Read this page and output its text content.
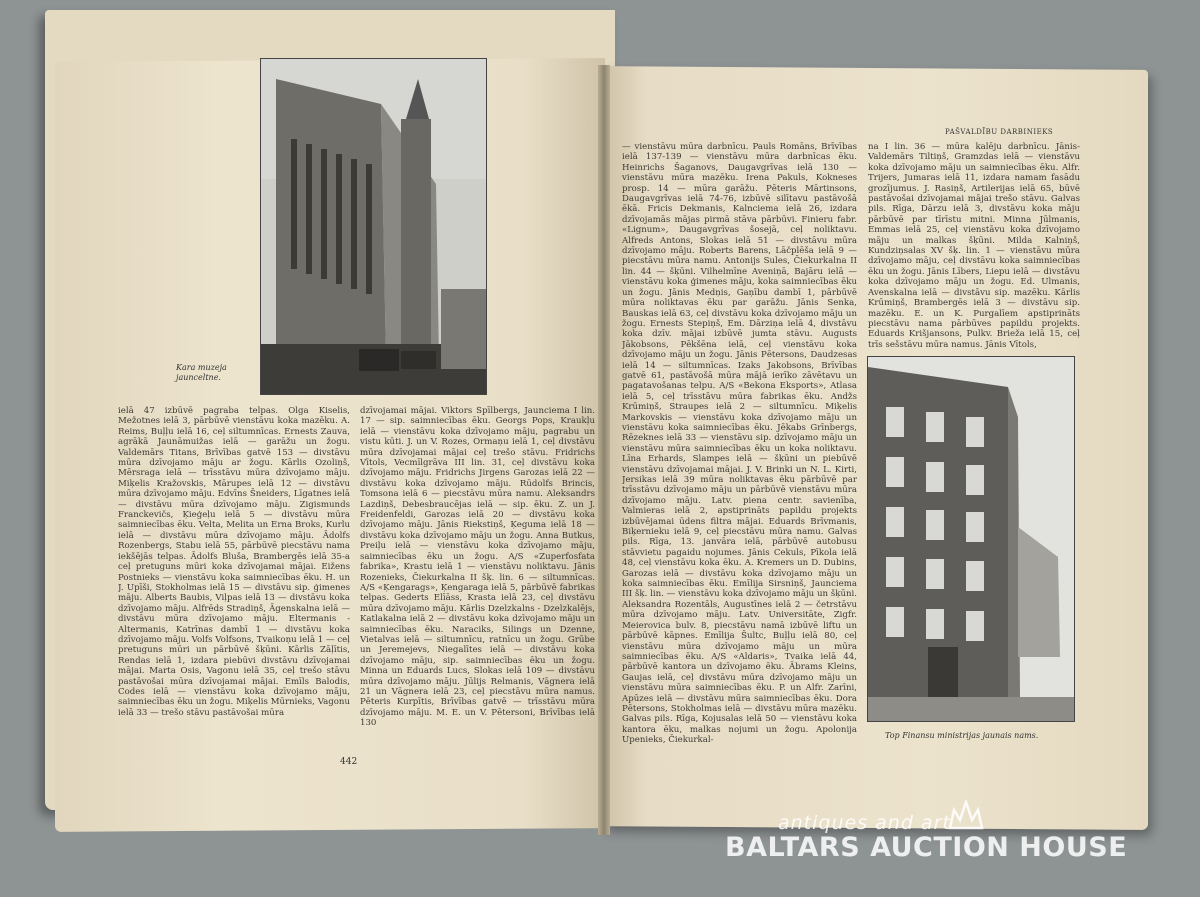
Kara muzeja
jaunceltne.

ielā 47 izbūvē pagraba telpas. Olga Kiselis, Mežotnes ielā 3, pārbūvē vienstāvu koka mazēku. A. Reims, Buļļu ielā 16, ceļ siltumnīcas. Ernests Zauva, agrākā Jaunāmuižas ielā — garāžu un žogu. Valdemārs Titans, Brīvības gatvē 153 — divstāvu mūra dzīvojamo māju ar žogu. Kārlis Ozoliņš, Mērsraga ielā — trīsstāvu mūra dzīvojamo māju. Miķelis Kražovskis, Mārupes ielā 12 — divstāvu mūra dzīvojamo māju. Edvīns Šneiders, Līgatnes ielā — divstāvu mūra dzīvojamo māju. Zigismunds Franckevičs, Ķieģeļu ielā 5 — divstāvu mūra saimniecības ēku. Velta, Melita un Erna Broks, Kurlu ielā — divstāvu mūra dzīvojamo māju. Ādolfs Rozenbergs, Stabu ielā 55, pārbūvē piecstāvu nama iekšējās telpas. Ādolfs Bluša, Brambergēs ielā 35-a ceļ pretuguns mūri koka dzīvojamai mājai. Eižens Postnieks — vienstāvu koka saimniecības ēku. H. un J. Upīši, Stokholmas ielā 15 — divstāvu sip. ģimenes māju. Alberts Baubis, Viļpas ielā 13 — divstāvu koka dzīvojamo māju. Alfrēds Stradiņš, Āgenskalna ielā — divstāvu mūra dzīvojamo māju. Eltermanis - Altermanis, Katrīnas dambī 1 — divstāvu koka dzīvojamo māju. Volfs Volfsons, Tvaikoņu ielā 1 — ceļ pretuguns mūri un pārbūvē šķūni. Kārlis Zāļītis, Rendas ielā 1, izdara piebūvi divstāvu dzīvojamai mājai. Marta Osis, Vagonu ielā 35, ceļ trešo stāvu pastāvošai mūra dzīvojamai mājai. Emīls Balodis, Codes ielā — vienstāvu koka dzīvojamo māju, saimniecības ēku un žogu. Miķelis Mūrnieks, Vagonu ielā 33 — trešo stāvu pastāvošai mūra

dzīvojamai mājai. Viktors Špīlbergs, Jaunciema I lin. 17 — sip. saimniecības ēku. Georgs Pops, Kraukļu ielā — vienstāvu koka dzīvojamo māju, pagrabu un vistu kūti. J. un V. Rozes, Ormaņu ielā 1, ceļ divstāvu mūra dzīvojamai mājai ceļ trešo stāvu. Fridrichs Vītols, Vecmīlgrāva III lin. 31, ceļ divstāvu koka dzīvojamo māju. Fridrichs Jirgens Garozas ielā 22 — divstāvu koka dzīvojamo māju. Rūdolfs Brincis, Tomsona ielā 6 — piecstāvu mūra namu. Aleksandrs Lazdiņš, Debesbraucējas ielā — sip. ēku. Z. un J. Freidenfeldi, Garozas ielā 20 — divstāvu koka dzīvojamo māju. Jānis Riekstiņš, Ķeguma ielā 18 — divstāvu koka dzīvojamo māju un žogu. Anna Butkus, Preiļu ielā — vienstāvu koka dzīvojamo māju, saimniecības ēku un žogu. A/S «Zuperfosfata fabrika», Krastu ielā 1 — vienstāvu noliktavu. Jānis Rozenieks, Čiekurkalna II šķ. lin. 6 — siltumnīcas. A/S «Ķengarags», Ķengaraga ielā 5, pārbūvē fabrikas telpas. Gederts Elīāss, Krasta ielā 23, ceļ divstāvu mūra dzīvojamo māju. Kārlis Dzelzkalns - Dzelzkalējs, Katlakalna ielā 2 — divstāvu koka dzīvojamo māju un saimniecības ēku. Naraciks, Silings un Dzenne, Vietalvas ielā — siltumnīcu, ratnīcu un žogu. Grūbe un Jeremejevs, Niegalītes ielā — divstāvu koka dzīvojamo māju, sip. saimniecības ēku un žogu. Minna un Eduards Lucs, Slokas ielā 109 — divstāvu mūra dzīvojamo māju. Jūlijs Relmanis, Vāgnera ielā 21 un Vāgnera ielā 23, ceļ piecstāvu mūra namus. Pēteris Kurpītis, Brīvības gatvē — trīsstāvu mūra dzīvojamo māju. M. E. un V. Pētersoni, Brīvības ielā 130

442
PAŠVALDĪBU DARBINIEKS

— vienstāvu mūra darbnīcu. Pauls Romāns, Brīvības ielā 137-139 — vienstāvu mūra darbnīcas ēku. Heinrichs Šaganovs, Daugavgrīvas ielā 130 — vienstāvu mūra mazēku. Irena Pakuls, Kokneses prosp. 14 — mūra garāžu. Pēteris Mārtinsons, Daugavgrīvas ielā 74-76, izbūvē silītavu pastāvošā ēkā. Fricis Dekmanis, Kalnciema ielā 26, izdara dzīvojamās mājas pirmā stāva pārbūvi. Finieru fabr. «Lignum», Daugavgrīvas šosejā, ceļ noliktavu. Alfreds Antons, Slokas ielā 51 — divstāvu mūra dzīvojamo māju. Roberts Barens, Lāčplēša ielā 9 — piecstāvu mūra namu. Antonijs Sules, Čiekurkalna II lin. 44 — šķūni. Vilhelmīne Aveniņā, Bajāru ielā — vienstāvu koka ģimenes māju, koka saimniecības ēku un žogu. Jānis Medņis, Gaņību dambī 1, pārbūvē mūra noliktavas ēku par garāžu. Jānis Senka, Bauskas ielā 63, ceļ divstāvu koka dzīvojamo māju un žogu. Ernests Stepiņš, Em. Dārziņa ielā 4, divstāvu koka dzīv. mājai izbūvē jumta stāvu. Augusts Jākobsons, Pēkšēna ielā, ceļ vienstāvu koka dzīvojamo māju un žogu. Jānis Pētersons, Daudzesas ielā 14 — siltumnīcas. Izaks Jakobsons, Brīvības gatvē 61, pastāvošā mūra mājā ierīko zāvētavu un pagatavošanas telpu. A/S «Bekona Eksports», Atlasa ielā 5, ceļ trīsstāvu mūra fabrikas ēku. Andžs Krūmiņš, Straupes ielā 2 — siltumnīcu. Miķelis Markovskis — vienstāvu koka dzīvojamo māju un vienstāvu koka saimniecības ēku. Jēkabs Grīnbergs, Rēzeknes ielā 33 — vienstāvu sip. dzīvojamo māju un vienstāvu mūra saimniecības ēku un koka noliktavu. Līna Erhards, Slampes ielā — šķūni un piebūvē vienstāvu dzīvojamai mājai. J. V. Brinki un N. L. Kirti, Jersikas ielā 39 mūra noliktavas ēku pārbūvē par trīsstāvu dzīvojamo māju un pārbūvē vienstāvu mūra dzīvojamo māju. Latv. piena centr. savienība, Valmieras ielā 2, apstiprināts papildu projekts izbūvējamai ūdens filtra mājai. Eduards Brīvmanis, Biķernieku ielā 9, ceļ piecstāvu mūra namu. Galvas pils. Rīga, 13. janvāra ielā, pārbūvē autobusu stāvvietu pagaidu nojumes. Jānis Cekuls, Pīkola ielā 48, ceļ vienstāvu koka ēku. A. Kremers un D. Dubins, Garozas ielā — divstāvu koka dzīvojamo māju un koka saimniecības ēku. Emīlija Sirsniņš, Jaunciema III šķ. lin. — vienstāvu koka dzīvojamo māju un šķūni. Aleksandra Rozentāls, Augustīnes ielā 2 — četrstāvu mūra dzīvojamo māju. Latv. Universitāte, Zigfr. Meierovica bulv. 8, piecstāvu namā izbūvē liftu un pārbūvē kāpnes. Emīlija Šultc, Buļļu ielā 80, ceļ vienstāvu mūra dzīvojamo māju un mūra saimniecības ēku. A/S «Aldaris», Tvaika ielā 44, pārbūvē kantora un dzīvojamo ēku. Ābrams Kleins, Gaujas ielā, ceļ divstāvu mūra dzīvojamo māju un vienstāvu mūra saimniecības ēku. P. un Alfr. Zarīni, Apūzes ielā — divstāvu mūra saimniecības ēku. Dora Pētersons, Stokholmas ielā — divstāvu mūra mazēku. Galvas pils. Rīga, Kojusalas ielā 50 — vienstāvu koka kantora ēku, malkas nojumi un žogu. Apolonija Upenieks, Čiekurkal-

na I lin. 36 — mūra kalēju darbnīcu. Jānis-Valdemārs Tiltiņš, Gramzdas ielā — vienstāvu koka dzīvojamo māju un saimniecības ēku. Alfr. Trijers, Jumaras ielā 11, izdara namam fasādu grozījumus. J. Rasiņš, Artilerijas ielā 65, būvē pastāvošai dzīvojamai mājai trešo stāvu. Galvas pils. Rīga, Dārzu ielā 3, divstāvu koka māju pārbūvē par tīrīstu mitni. Minna Jūlmanis, Emmas ielā 25, ceļ vienstāvu koka dzīvojamo māju un malkas šķūni. Milda Kalniņš, Kundziņsalas XV šķ. lin. 1 — vienstāvu mūra dzīvojamo māju, ceļ divstāvu koka saimniecības ēku un žogu. Jānis Lībers, Liepu ielā — divstāvu koka dzīvojamo māju un žogu. Ed. Ulmanis, Avenskalna ielā — divstāvu sip. mazēku. Kārlis Krūmiņš, Brambergēs ielā 3 — divstāvu sip. mazēku. E. un K. Purgalīem apstiprināts piecstāvu nama pārbūves papildu projekts. Eduards Krišjansons, Pulkv. Brieža ielā 15, ceļ trīs sešstāvu mūra namus. Jānis Vītols,

Top Finansu ministrijas jaunais nams.
antiques and art
BALTARS AUCTION HOUSE
